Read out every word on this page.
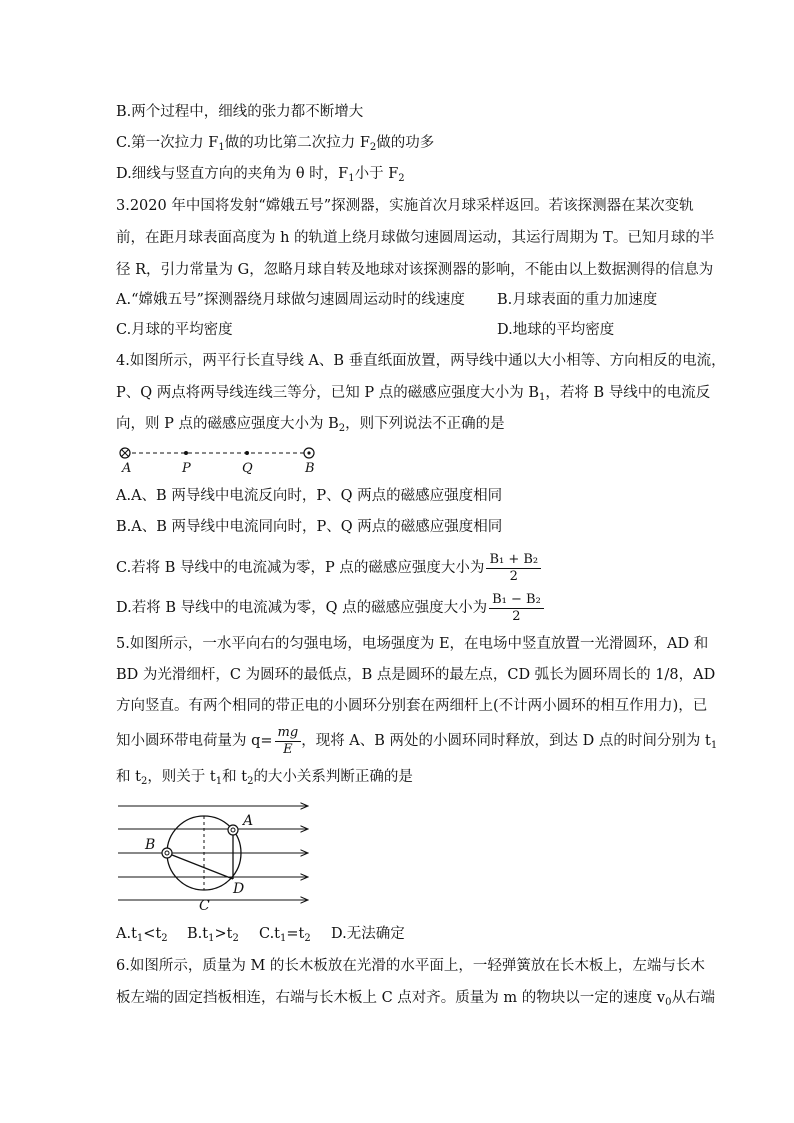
B.两个过程中，细线的张力都不断增大
C.第一次拉力 $F_1$做的功比第二次拉力 $F_2$做的功多
D.细线与竖直方向的夹角为 θ 时，$F_1$小于 $F_2$
3.2020 年中国将发射“嫦娥五号”探测器，实施首次月球采样返回。若该探测器在某次变轨
前，在距月球表面高度为 h 的轨道上绕月球做匀速圆周运动，其运行周期为 T。已知月球的半
径 R，引力常量为 G，忽略月球自转及地球对该探测器的影响，不能由以上数据测得的信息为
A.“嫦娥五号”探测器绕月球做匀速圆周运动时的线速度 B.月球表面的重力加速度
C.月球的平均密度	D.地球的平均密度
4.如图所示，两平行长直导线 A、B 垂直纸面放置，两导线中通以大小相等、方向相反的电流，
P、Q 两点将两导线连线三等分，已知 P 点的磁感应强度大小为 $B_1$，若将 B 导线中的电流反
向，则 P 点的磁感应强度大小为 $B_2$，则下列说法不正确的是
A	P	Q	B
A.A、B 两导线中电流反向时，P、Q 两点的磁感应强度相同
B.A、B 两导线中电流同向时，P、Q 两点的磁感应强度相同
C.若将 B 导线中的电流减为零，P 点的磁感应强度大小为 $\frac{\text{B₁ + B₂}}{2}$
D.若将 B 导线中的电流减为零，Q 点的磁感应强度大小为 $\frac{\text{B₁ − B₂}}{2}$
5.如图所示，一水平向右的匀强电场，电场强度为 E，在电场中竖直放置一光滑圆环，AD 和
BD 为光滑细杆，C 为圆环的最低点，B 点是圆环的最左点，CD 弧长为圆环周长的 1/8，AD
方向竖直。有两个相同的带正电的小圆环分别套在两细杆上(不计两小圆环的相互作用力)，已
知小圆环带电荷量为 $q= \frac{mg}{E}$ ，现将 A、B 两处的小圆环同时释放，到达 D 点的时间分别为 $t_1$
和 $t_2$，则关于 $t_1$和 $t_2$的大小关系判断正确的是
A
B
C
D
$A.t_1<t_2$ $B.t_1>t_2$ $C.t_1=t_2$ D.无法确定
6.如图所示，质量为 M 的长木板放在光滑的水平面上，一轻弹簧放在长木板上，左端与长木
板左端的固定挡板相连，右端与长木板上 C 点对齐。质量为 m 的物块以一定的速度 $v_0$从右端
